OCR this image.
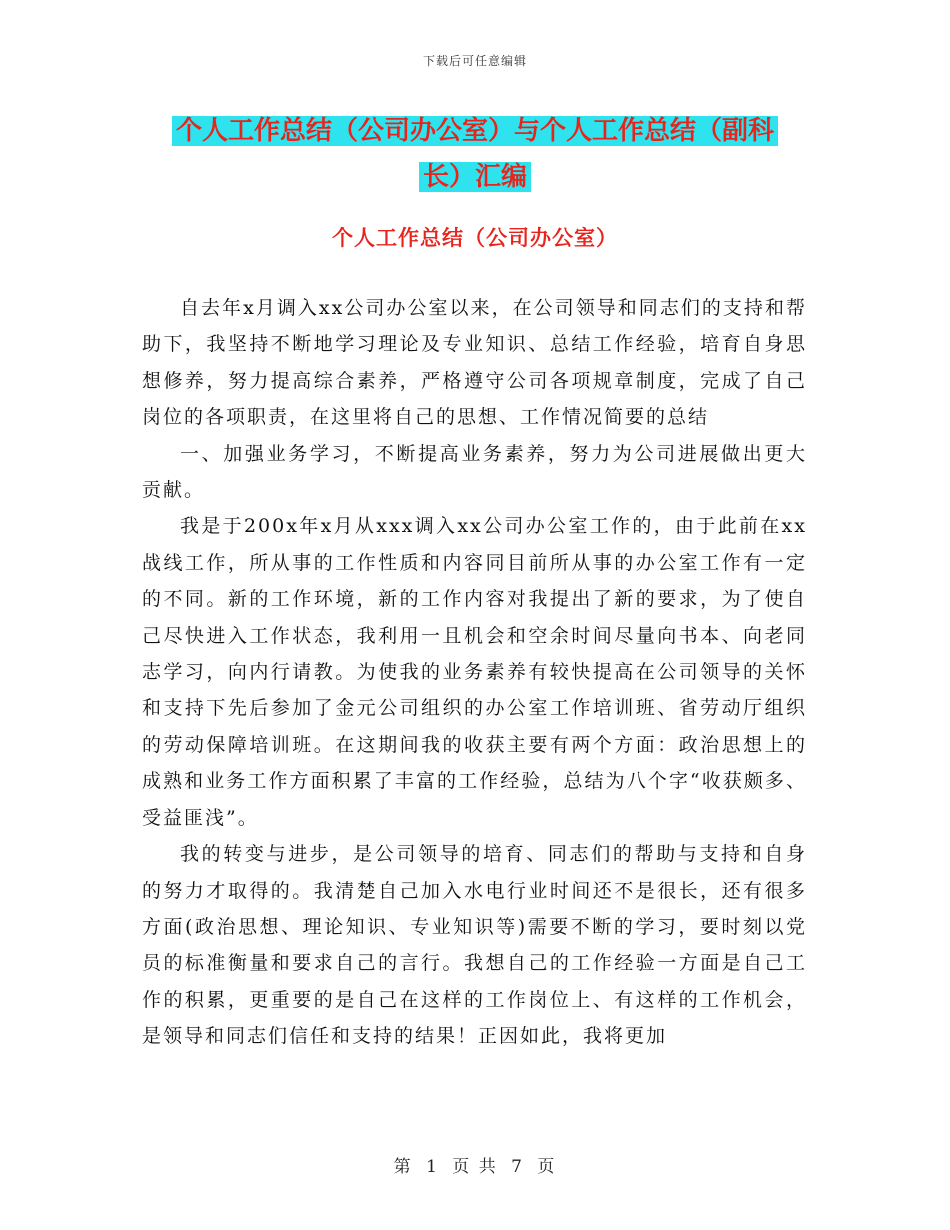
下载后可任意编辑
个人工作总结（公司办公室）与个人工作总结（副科
长）汇编
个人工作总结（公司办公室）

自去年x月调入xx公司办公室以来，在公司领导和同志们的支持和帮助下，我坚持不断地学习理论及专业知识、总结工作经验，培育自身思想修养，努力提高综合素养，严格遵守公司各项规章制度，完成了自己岗位的各项职责，在这里将自己的思想、工作情况简要的总结

一、加强业务学习，不断提高业务素养，努力为公司进展做出更大贡献。

我是于200x年x月从xxx调入xx公司办公室工作的，由于此前在xx战线工作，所从事的工作性质和内容同目前所从事的办公室工作有一定的不同。新的工作环境，新的工作内容对我提出了新的要求，为了使自己尽快进入工作状态，我利用一且机会和空余时间尽量向书本、向老同志学习，向内行请教。为使我的业务素养有较快提高在公司领导的关怀和支持下先后参加了金元公司组织的办公室工作培训班、省劳动厅组织的劳动保障培训班。在这期间我的收获主要有两个方面：政治思想上的成熟和业务工作方面积累了丰富的工作经验，总结为八个字“收获颇多、受益匪浅”。

我的转变与进步，是公司领导的培育、同志们的帮助与支持和自身的努力才取得的。我清楚自己加入水电行业时间还不是很长，还有很多方面(政治思想、理论知识、专业知识等)需要不断的学习，要时刻以党员的标准衡量和要求自己的言行。我想自己的工作经验一方面是自己工作的积累，更重要的是自己在这样的工作岗位上、有这样的工作机会，是领导和同志们信任和支持的结果！正因如此，我将更加

第 1 页 共 7 页
